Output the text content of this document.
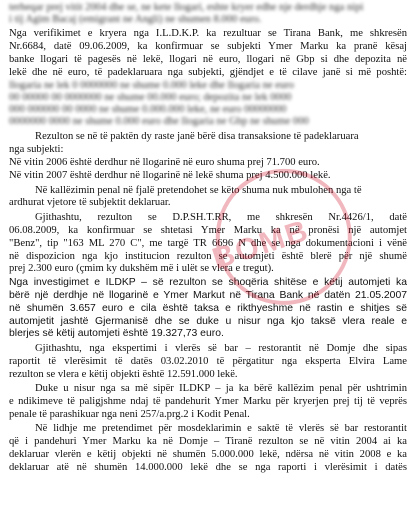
terheqar prej vitit 2004 dhe se, ne kete llogari, eshte kryer edhe nje derdhje nga nipi
i tij Agim Bacaj (emigrant ne Angli) ne shumen 8.000 euro.
Nga verifikimet e kryera nga I.L.D.K.P. ka rezultuar se Tirana Bank, me shkresën
Nr.6684, datë 09.06.2009, ka konfirmuar se subjekti Ymer Marku ka pranë kësaj
banke llogari të pagesës në lekë, llogari në euro, llogari në Gbp si dhe depozita në
lekë dhe në euro, të padeklaruara nga subjekti, gjëndjet e të cilave janë si më poshtë:
llogaria ne lek 0 0000000 ne shume 0.000 leke dhe llogaria ne euro
00 00000 00 0000000 ne shume 00.000 euro; depozita ne lek 0000
000 000000 00 0000 ne shume 0.000.000 leke, ne euro 00000000
0000000 0000 ne shume 0.000 euro dhe llogaria ne Gbp ne shume 000
Rezulton se në të paktën dy raste janë bërë disa transaksione të padeklaruara
nga subjekti:
Në vitin 2006 është derdhur në llogarinë në euro shuma prej 71.700 euro.
Në vitin 2007 është derdhur në llogarinë në lekë shuma prej 4.500.000 lekë.
Në kallëzimin penal në fjalë pretendohet se këto shuma nuk mbulohen nga të
ardhurat vjetore të subjektit deklaruar.
Gjithashtu, rezulton se D.P.SH.T.RR, me shkresën Nr.4426/1, datë
06.08.2009, ka konfirmuar se shtetasi Ymer Marku ka në pronësi një automjet
"Benz", tip "163 ML 270 C", me targë TR 6696 N dhe se nga dokumentacioni i vënë
në dispozicion nga kjo institucion rezulton se automjeti është blerë për një shumë
prej 2.300 euro (çmim ky dukshëm më i ulët se vlera e tregut).
Nga investigimet e ILDKP – së rezulton se shoqëria shitëse e këtij automjeti ka
bërë një derdhje në llogarinë e Ymer Markut në Tirana Bank në datën 21.05.2007
në shumën 3.657 euro e cila është taksa e rikthyeshme në rastin e shitjes së
automjetit jashtë Gjermanisë dhe se duke u nisur nga kjo taksë vlera reale e
blerjes së këtij automjeti është 19.327,73 euro.
Gjithashtu, nga ekspertimi i vlerës së bar – restorantit në Domje dhe sipas
raportit të vlerësimit të datës 03.02.2010 të përgatitur nga eksperta Elvira Lame
rezulton se vlera e këtij objekti është 12.591.000 lekë.
Duke u nisur nga sa më sipër ILDKP – ja ka bërë kallëzim penal për ushtrimin
e ndikimeve të paligjshme ndaj të pandehurit Ymer Marku për kryerjen prej tij të veprës
penale të parashikuar nga neni 257/a.prg.2 i Kodit Penal.
Në lidhje me pretendimet për mosdeklarimin e saktë të vlerës së bar restorantit
që i pandehuri Ymer Marku ka në Domje – Tiranë rezulton se në vitin 2004 ai ka
deklaruar vlerën e këtij objekti në shumën 5.000.000 lekë, ndërsa në vitin 2008 e ka
deklaruar atë në shumën 14.000.000 lekë dhe se nga raporti i vlerësimit i datës
BOMB
